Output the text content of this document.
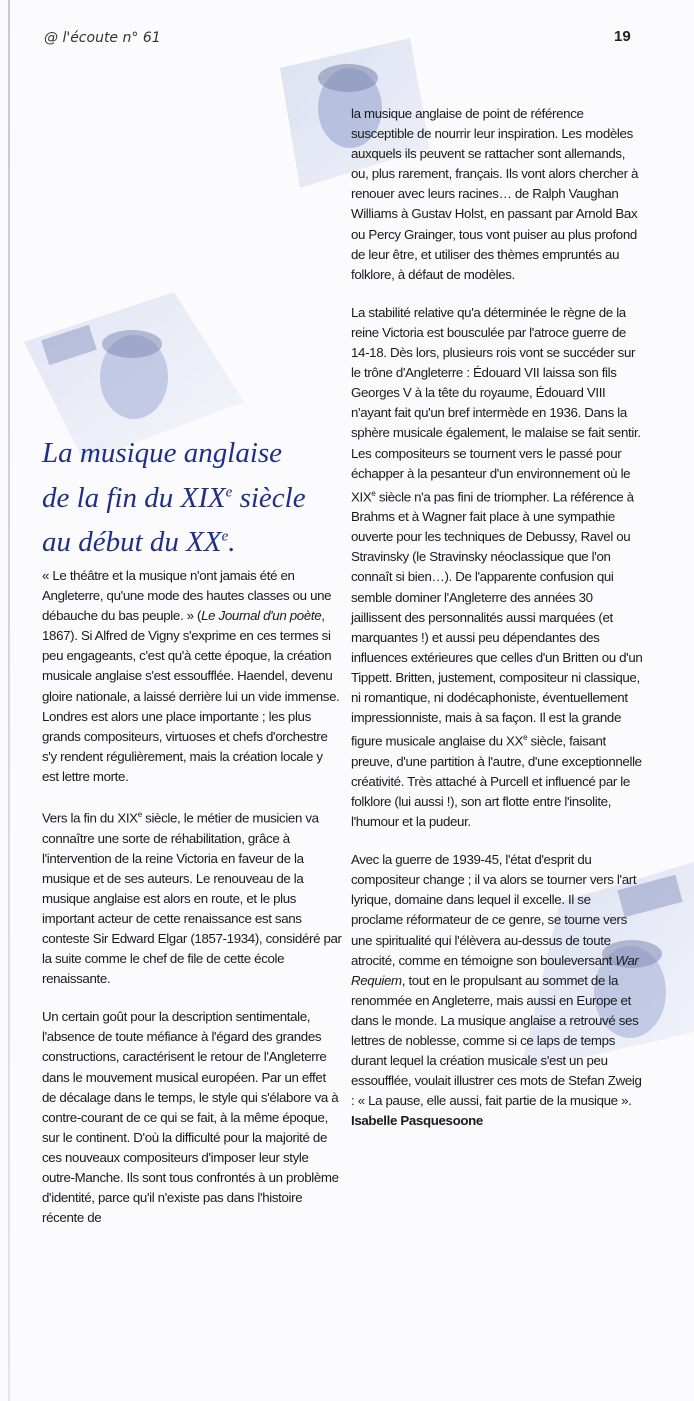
@ l'écoute n° 61	19
La musique anglaise
de la fin du XIXe siècle
au début du XXe.

« Le théâtre et la musique n'ont jamais été en Angleterre, qu'une mode des hautes classes ou une débauche du bas peuple. » (Le Journal d'un poète, 1867). Si Alfred de Vigny s'exprime en ces termes si peu engageants, c'est qu'à cette époque, la création musicale anglaise s'est essoufflée. Haendel, devenu gloire nationale, a laissé derrière lui un vide immense. Londres est alors une place importante ; les plus grands compositeurs, virtuoses et chefs d'orchestre s'y rendent régulièrement, mais la création locale y est lettre morte.

Vers la fin du XIXe siècle, le métier de musicien va connaître une sorte de réhabilitation, grâce à l'intervention de la reine Victoria en faveur de la musique et de ses auteurs. Le renouveau de la musique anglaise est alors en route, et le plus important acteur de cette renaissance est sans conteste Sir Edward Elgar (1857-1934), considéré par la suite comme le chef de file de cette école renaissante.

Un certain goût pour la description sentimentale, l'absence de toute méfiance à l'égard des grandes constructions, caractérisent le retour de l'Angleterre dans le mouvement musical européen. Par un effet de décalage dans le temps, le style qui s'élabore va à contre-courant de ce qui se fait, à la même époque, sur le continent. D'où la difficulté pour la majorité de ces nouveaux compositeurs d'imposer leur style outre-Manche. Ils sont tous confrontés à un problème d'identité, parce qu'il n'existe pas dans l'histoire récente de

la musique anglaise de point de référence susceptible de nourrir leur inspiration. Les modèles auxquels ils peuvent se rattacher sont allemands, ou, plus rarement, français. Ils vont alors chercher à renouer avec leurs racines… de Ralph Vaughan Williams à Gustav Holst, en passant par Arnold Bax ou Percy Grainger, tous vont puiser au plus profond de leur être, et utiliser des thèmes empruntés au folklore, à défaut de modèles.

La stabilité relative qu'a déterminée le règne de la reine Victoria est bousculée par l'atroce guerre de 14-18. Dès lors, plusieurs rois vont se succéder sur le trône d'Angleterre : Édouard VII laissa son fils Georges V à la tête du royaume, Édouard VIII n'ayant fait qu'un bref intermède en 1936. Dans la sphère musicale également, le malaise se fait sentir. Les compositeurs se tournent vers le passé pour échapper à la pesanteur d'un environnement où le XIXe siècle n'a pas fini de triompher. La référence à Brahms et à Wagner fait place à une sympathie ouverte pour les techniques de Debussy, Ravel ou Stravinsky (le Stravinsky néoclassique que l'on connaît si bien…). De l'apparente confusion qui semble dominer l'Angleterre des années 30 jaillissent des personnalités aussi marquées (et marquantes !) et aussi peu dépendantes des influences extérieures que celles d'un Britten ou d'un Tippett. Britten, justement, compositeur ni classique, ni romantique, ni dodécaphoniste, éventuellement impressionniste, mais à sa façon. Il est la grande figure musicale anglaise du XXe siècle, faisant preuve, d'une partition à l'autre, d'une exceptionnelle créativité. Très attaché à Purcell et influencé par le folklore (lui aussi !), son art flotte entre l'insolite, l'humour et la pudeur.

Avec la guerre de 1939-45, l'état d'esprit du compositeur change ; il va alors se tourner vers l'art lyrique, domaine dans lequel il excelle. Il se proclame réformateur de ce genre, se tourne vers une spiritualité qui l'élèvera au-dessus de toute atrocité, comme en témoigne son bouleversant War Requiem, tout en le propulsant au sommet de la renommée en Angleterre, mais aussi en Europe et dans le monde. La musique anglaise a retrouvé ses lettres de noblesse, comme si ce laps de temps durant lequel la création musicale s'est un peu essoufflée, voulait illustrer ces mots de Stefan Zweig : « La pause, elle aussi, fait partie de la musique ».

Isabelle Pasquesoone
